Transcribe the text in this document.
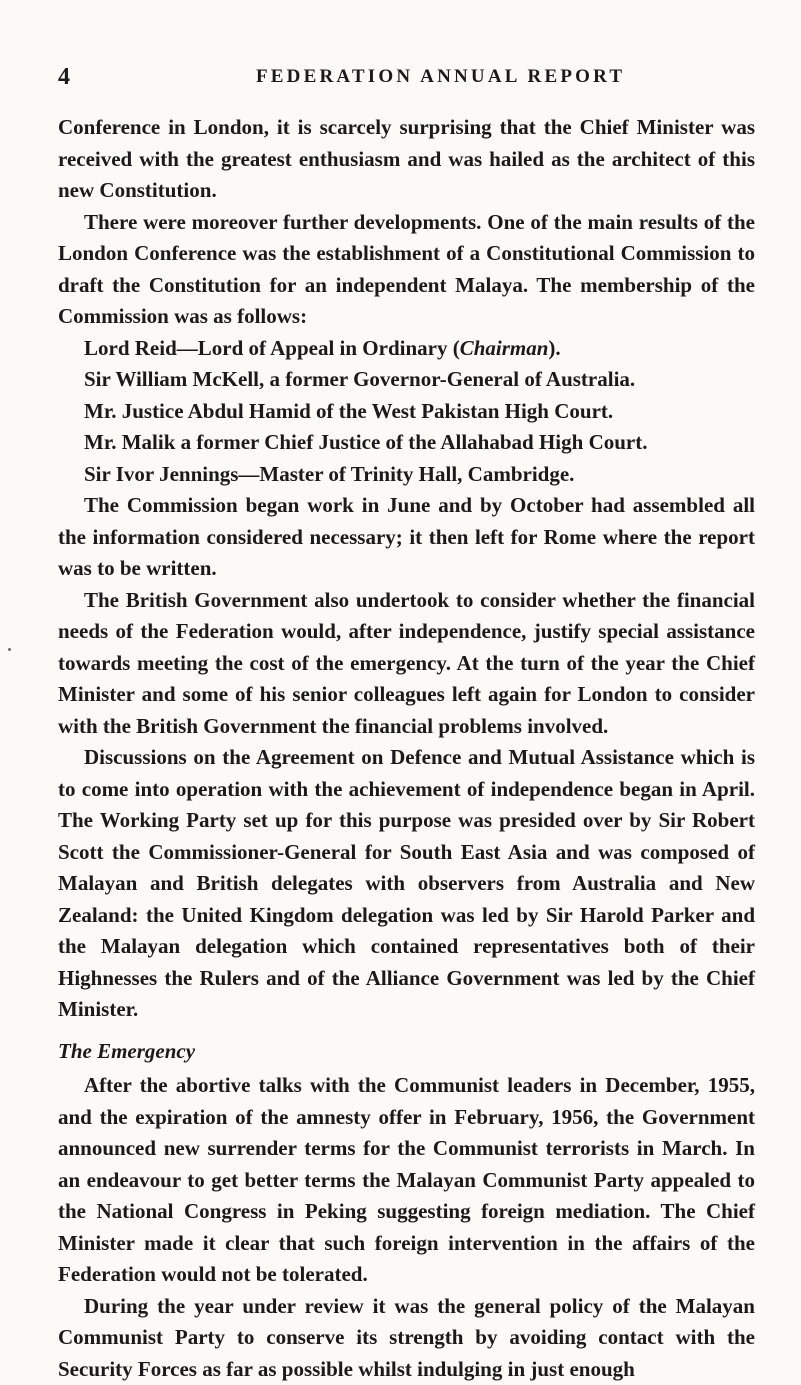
4	FEDERATION ANNUAL REPORT

Conference in London, it is scarcely surprising that the Chief Minister was received with the greatest enthusiasm and was hailed as the architect of this new Constitution.

There were moreover further developments. One of the main results of the London Conference was the establishment of a Constitutional Commission to draft the Constitution for an independent Malaya. The membership of the Commission was as follows:

Lord Reid—Lord of Appeal in Ordinary (Chairman).
Sir William McKell, a former Governor-General of Australia.
Mr. Justice Abdul Hamid of the West Pakistan High Court.
Mr. Malik a former Chief Justice of the Allahabad High Court.
Sir Ivor Jennings—Master of Trinity Hall, Cambridge.

The Commission began work in June and by October had assembled all the information considered necessary; it then left for Rome where the report was to be written.

The British Government also undertook to consider whether the financial needs of the Federation would, after independence, justify special assistance towards meeting the cost of the emergency. At the turn of the year the Chief Minister and some of his senior colleagues left again for London to consider with the British Government the financial problems involved.

Discussions on the Agreement on Defence and Mutual Assistance which is to come into operation with the achievement of independence began in April. The Working Party set up for this purpose was presided over by Sir Robert Scott the Commissioner-General for South East Asia and was composed of Malayan and British delegates with observers from Australia and New Zealand: the United Kingdom delegation was led by Sir Harold Parker and the Malayan delegation which contained representatives both of their Highnesses the Rulers and of the Alliance Government was led by the Chief Minister.

The Emergency

After the abortive talks with the Communist leaders in December, 1955, and the expiration of the amnesty offer in February, 1956, the Government announced new surrender terms for the Communist terrorists in March. In an endeavour to get better terms the Malayan Communist Party appealed to the National Congress in Peking suggesting foreign mediation. The Chief Minister made it clear that such foreign intervention in the affairs of the Federation would not be tolerated.

During the year under review it was the general policy of the Malayan Communist Party to conserve its strength by avoiding contact with the Security Forces as far as possible whilst indulging in just enough
